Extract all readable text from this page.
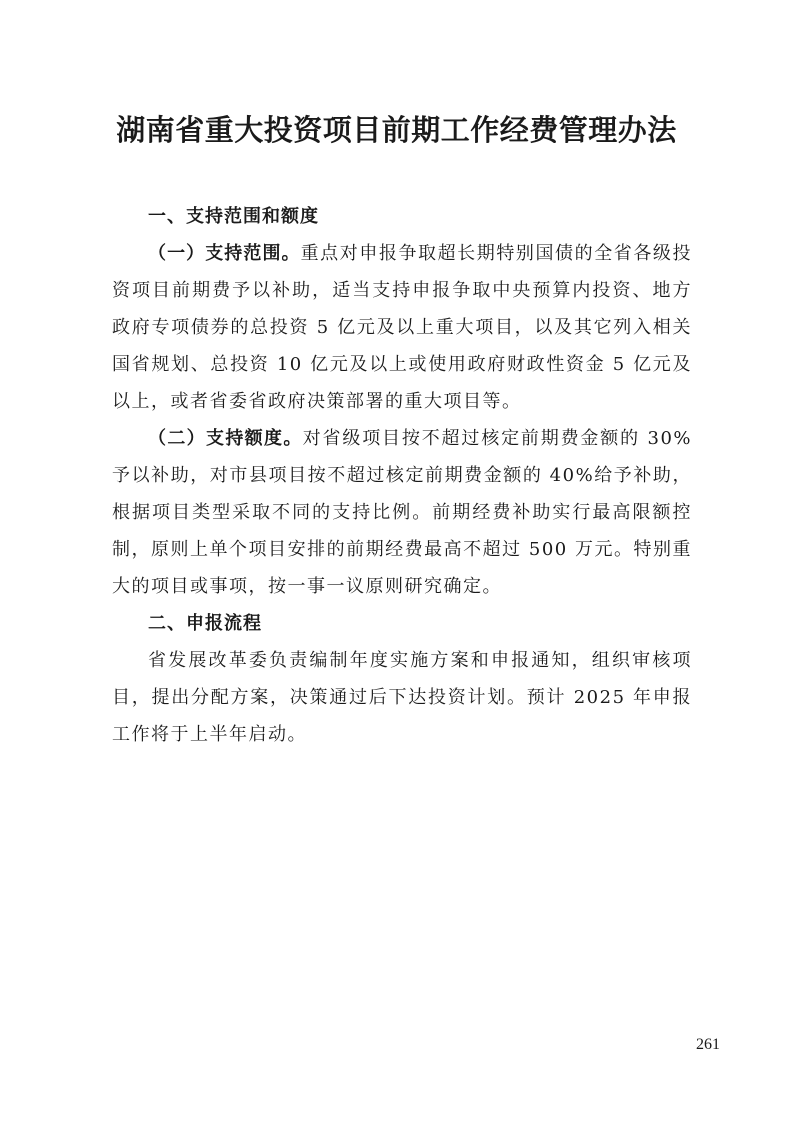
湖南省重大投资项目前期工作经费管理办法
一、支持范围和额度
（一）支持范围。重点对申报争取超长期特别国债的全省各级投资项目前期费予以补助，适当支持申报争取中央预算内投资、地方政府专项债券的总投资 5 亿元及以上重大项目，以及其它列入相关国省规划、总投资 10 亿元及以上或使用政府财政性资金 5 亿元及以上，或者省委省政府决策部署的重大项目等。
（二）支持额度。对省级项目按不超过核定前期费金额的 30%予以补助，对市县项目按不超过核定前期费金额的 40%给予补助，根据项目类型采取不同的支持比例。前期经费补助实行最高限额控制，原则上单个项目安排的前期经费最高不超过 500 万元。特别重大的项目或事项，按一事一议原则研究确定。
二、申报流程
省发展改革委负责编制年度实施方案和申报通知，组织审核项目，提出分配方案，决策通过后下达投资计划。预计 2025 年申报工作将于上半年启动。
261
